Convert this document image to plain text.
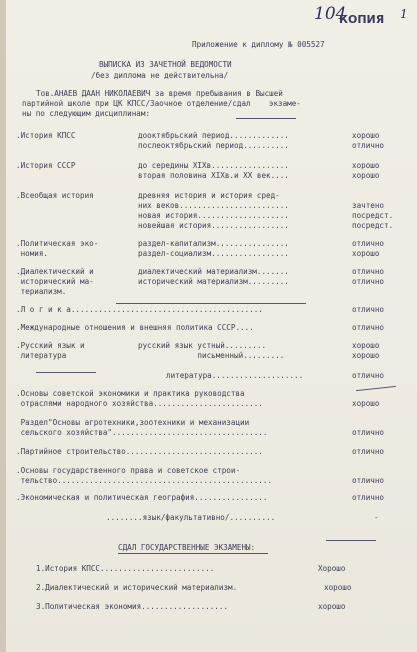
104
КОПИЯ 1
Приложение к диплому № 005527
ВЫПИСКА ИЗ ЗАЧЕТНОЙ ВЕДОМОСТИ
/без диплома не действительна/
Тов.АНАЕВ ДААН НИКОЛАЕВИЧ за время пребывания в Высшей
партийной школе при ЦК КПСС/Заочное отделение/сдал    экзаме-
ны по следующим дисциплинам:
.История КПСС	дооктябрьский период.............	хорошо
послеоктябрьский период..........	отлично
.История СССР	до середины XIXв.................	хорошо
вторая половина XIXв.и XX век....	хорошо
.Всеобщая история	древняя история и история сред-
них веков........................	зачтено
новая история....................	посредст.
новейшая история.................	посредст.
.Политическая эко-
номия.
раздел-капитализм................	отлично
раздел-социализм.................	хорошо
.Диалектический и
исторический ма-
териализм.
диалектический материализм.......	отлично
исторический материализм.........	отлично
.Л о г и к а..........................................	отлично
.Международные отношения и внешняя политика СССР....	отлично
.Русский язык и
литература
русский язык устный.........	хорошо
письменный.........	хорошо
литература....................	отлично
.Основы советской экономики и практика руководства
отраслями народного хозяйства........................	хорошо
Раздел"Основы агротехники,зоотехники и механизации
сельского хозяйства"..................................	отлично
.Партийное строительство..............................	отлично
.Основы государственного права и советское строи-
тельство...............................................	отлично
.Экономическая и политическая география................	отлично
........язык/факультативно/..........	-
СДАЛ ГОСУДАРСТВЕННЫЕ ЭКЗАМЕНЫ:
1.История КПСС.........................	Хорошо
2.Диалектический и исторический материализм.	хорошо
3.Политическая экономия...................	хорошо
